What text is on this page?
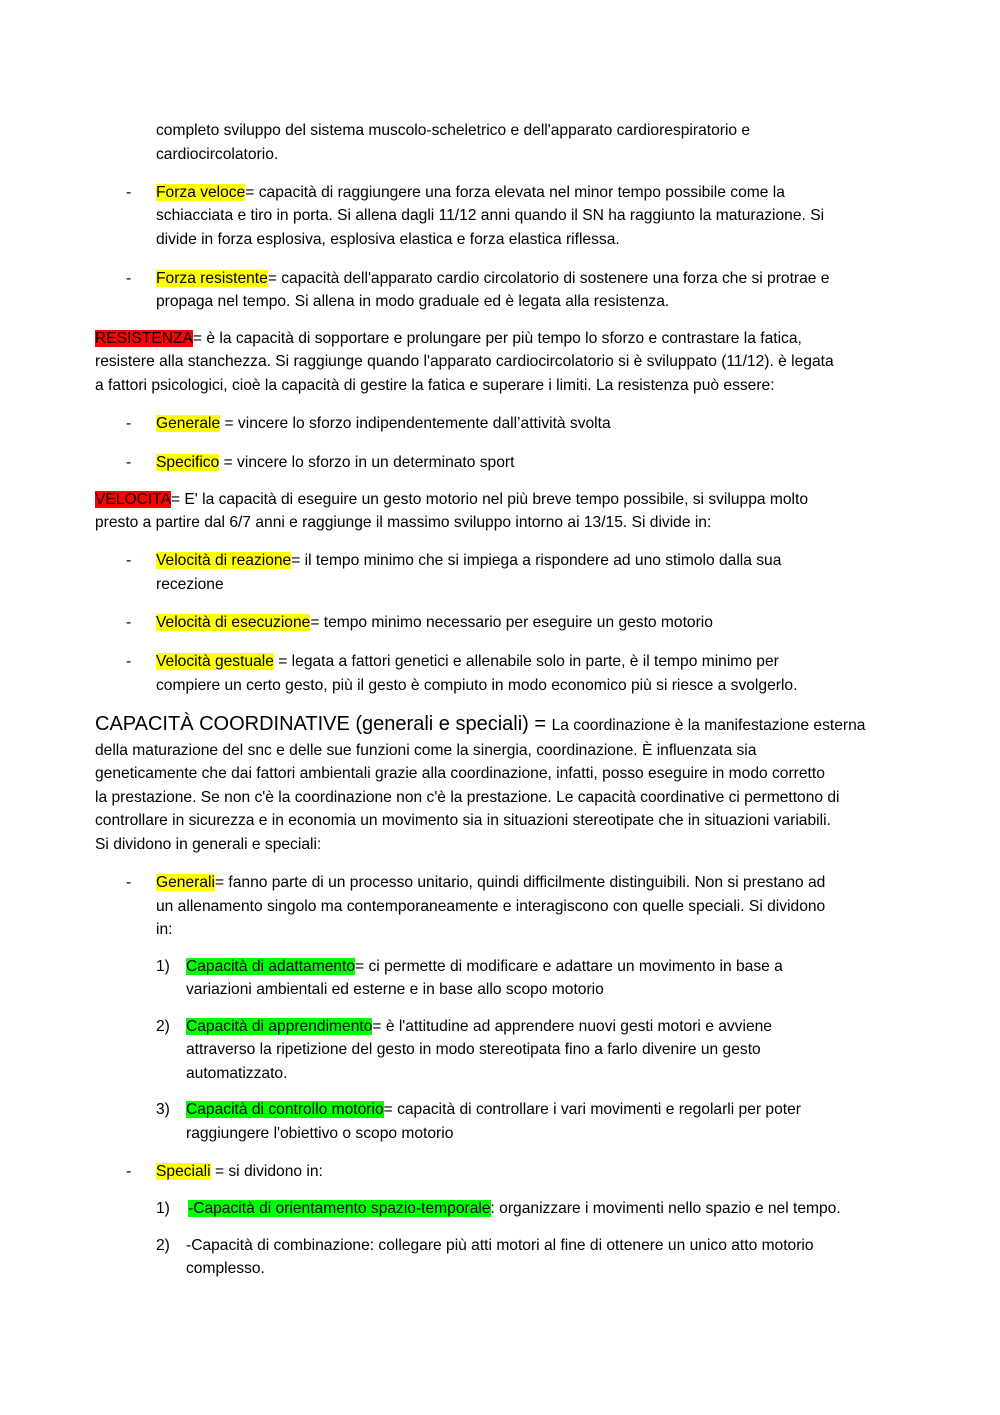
completo sviluppo del sistema muscolo-scheletrico e dell'apparato cardiorespiratorio e
cardiocircolatorio.
- Forza veloce= capacità di raggiungere una forza elevata nel minor tempo possibile come la
schiacciata e tiro in porta. Si allena dagli 11/12 anni quando il SN ha raggiunto la maturazione. Si
divide in forza esplosiva, esplosiva elastica e forza elastica riflessa.
- Forza resistente= capacità dell'apparato cardio circolatorio di sostenere una forza che si protrae e
propaga nel tempo. Si allena in modo graduale ed è legata alla resistenza.
RESISTENZA= è la capacità di sopportare e prolungare per più tempo lo sforzo e contrastare la fatica,
resistere alla stanchezza. Si raggiunge quando l'apparato cardiocircolatorio si è sviluppato (11/12). è legata
a fattori psicologici, cioè la capacità di gestire la fatica e superare i limiti. La resistenza può essere:
- Generale = vincere lo sforzo indipendentemente dall’attività svolta
- Specifico = vincere lo sforzo in un determinato sport
VELOCITA= E' la capacità di eseguire un gesto motorio nel più breve tempo possibile, si sviluppa molto
presto a partire dal 6/7 anni e raggiunge il massimo sviluppo intorno ai 13/15. Si divide in:
- Velocità di reazione= il tempo minimo che si impiega a rispondere ad uno stimolo dalla sua
recezione
- Velocità di esecuzione= tempo minimo necessario per eseguire un gesto motorio
- Velocità gestuale = legata a fattori genetici e allenabile solo in parte, è il tempo minimo per
compiere un certo gesto, più il gesto è compiuto in modo economico più si riesce a svolgerlo.
CAPACITÀ COORDINATIVE (generali e speciali) = La coordinazione è la manifestazione esterna
della maturazione del snc e delle sue funzioni come la sinergia, coordinazione. È influenzata sia
geneticamente che dai fattori ambientali grazie alla coordinazione, infatti, posso eseguire in modo corretto
la prestazione. Se non c'è la coordinazione non c'è la prestazione. Le capacità coordinative ci permettono di
controllare in sicurezza e in economia un movimento sia in situazioni stereotipate che in situazioni variabili.
Si dividono in generali e speciali:
- Generali= fanno parte di un processo unitario, quindi difficilmente distinguibili. Non si prestano ad
un allenamento singolo ma contemporaneamente e interagiscono con quelle speciali. Si dividono
in:
1) Capacità di adattamento= ci permette di modificare e adattare un movimento in base a
variazioni ambientali ed esterne e in base allo scopo motorio
2) Capacità di apprendimento= è l'attitudine ad apprendere nuovi gesti motori e avviene
attraverso la ripetizione del gesto in modo stereotipata fino a farlo divenire un gesto
automatizzato.
3) Capacità di controllo motorio= capacità di controllare i vari movimenti e regolarli per poter
raggiungere l'obiettivo o scopo motorio
- Speciali = si dividono in:
1) -Capacità di orientamento spazio-temporale: organizzare i movimenti nello spazio e nel tempo.
2) -Capacità di combinazione: collegare più atti motori al fine di ottenere un unico atto motorio
complesso.
